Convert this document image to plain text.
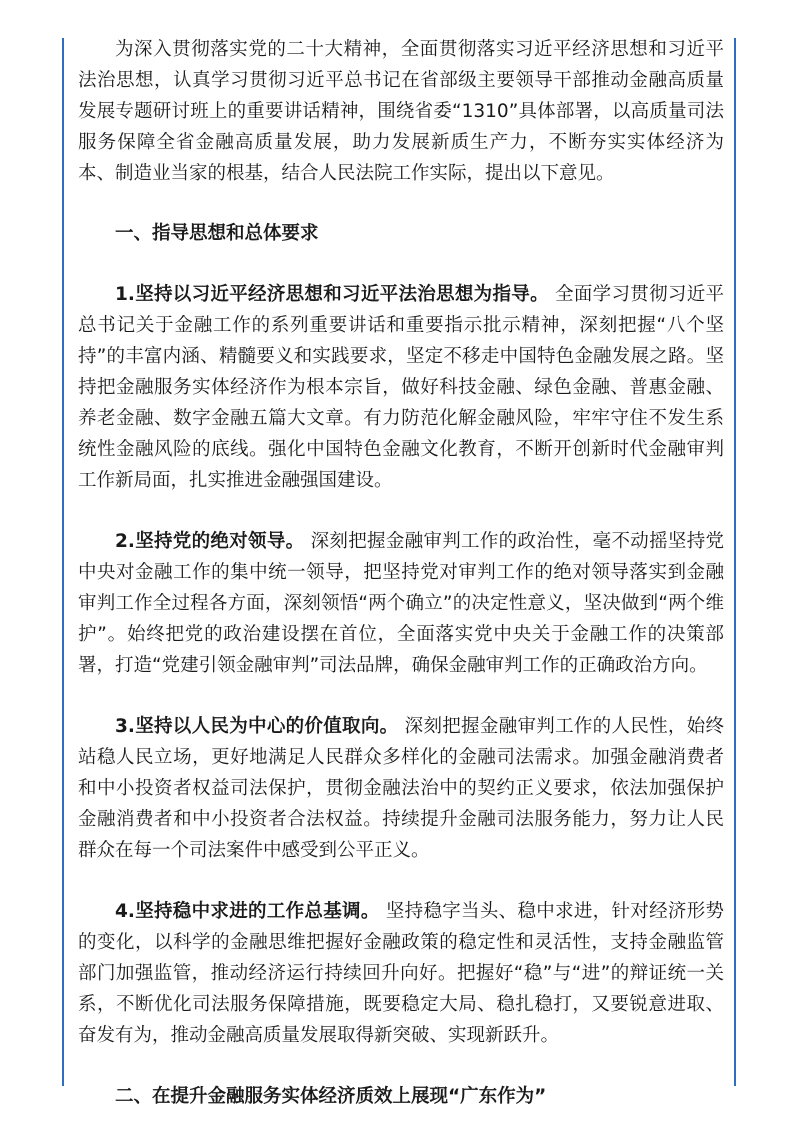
为深入贯彻落实党的二十大精神，全面贯彻落实习近平经济思想和习近平法治思想，认真学习贯彻习近平总书记在省部级主要领导干部推动金融高质量发展专题研讨班上的重要讲话精神，围绕省委“1310”具体部署，以高质量司法服务保障全省金融高质量发展，助力发展新质生产力，不断夯实实体经济为本、制造业当家的根基，结合人民法院工作实际，提出以下意见。

一、指导思想和总体要求

1.坚持以习近平经济思想和习近平法治思想为指导。 全面学习贯彻习近平总书记关于金融工作的系列重要讲话和重要指示批示精神，深刻把握“八个坚持”的丰富内涵、精髓要义和实践要求，坚定不移走中国特色金融发展之路。坚持把金融服务实体经济作为根本宗旨，做好科技金融、绿色金融、普惠金融、养老金融、数字金融五篇大文章。有力防范化解金融风险，牢牢守住不发生系统性金融风险的底线。强化中国特色金融文化教育，不断开创新时代金融审判工作新局面，扎实推进金融强国建设。

2.坚持党的绝对领导。 深刻把握金融审判工作的政治性，毫不动摇坚持党中央对金融工作的集中统一领导，把坚持党对审判工作的绝对领导落实到金融审判工作全过程各方面，深刻领悟“两个确立”的决定性意义，坚决做到“两个维护”。始终把党的政治建设摆在首位，全面落实党中央关于金融工作的决策部署，打造“党建引领金融审判”司法品牌，确保金融审判工作的正确政治方向。

3.坚持以人民为中心的价值取向。 深刻把握金融审判工作的人民性，始终站稳人民立场，更好地满足人民群众多样化的金融司法需求。加强金融消费者和中小投资者权益司法保护，贯彻金融法治中的契约正义要求，依法加强保护金融消费者和中小投资者合法权益。持续提升金融司法服务能力，努力让人民群众在每一个司法案件中感受到公平正义。

4.坚持稳中求进的工作总基调。 坚持稳字当头、稳中求进，针对经济形势的变化，以科学的金融思维把握好金融政策的稳定性和灵活性，支持金融监管部门加强监管，推动经济运行持续回升向好。把握好“稳”与“进”的辩证统一关系，不断优化司法服务保障措施，既要稳定大局、稳扎稳打，又要锐意进取、奋发有为，推动金融高质量发展取得新突破、实现新跃升。

二、在提升金融服务实体经济质效上展现“广东作为”
